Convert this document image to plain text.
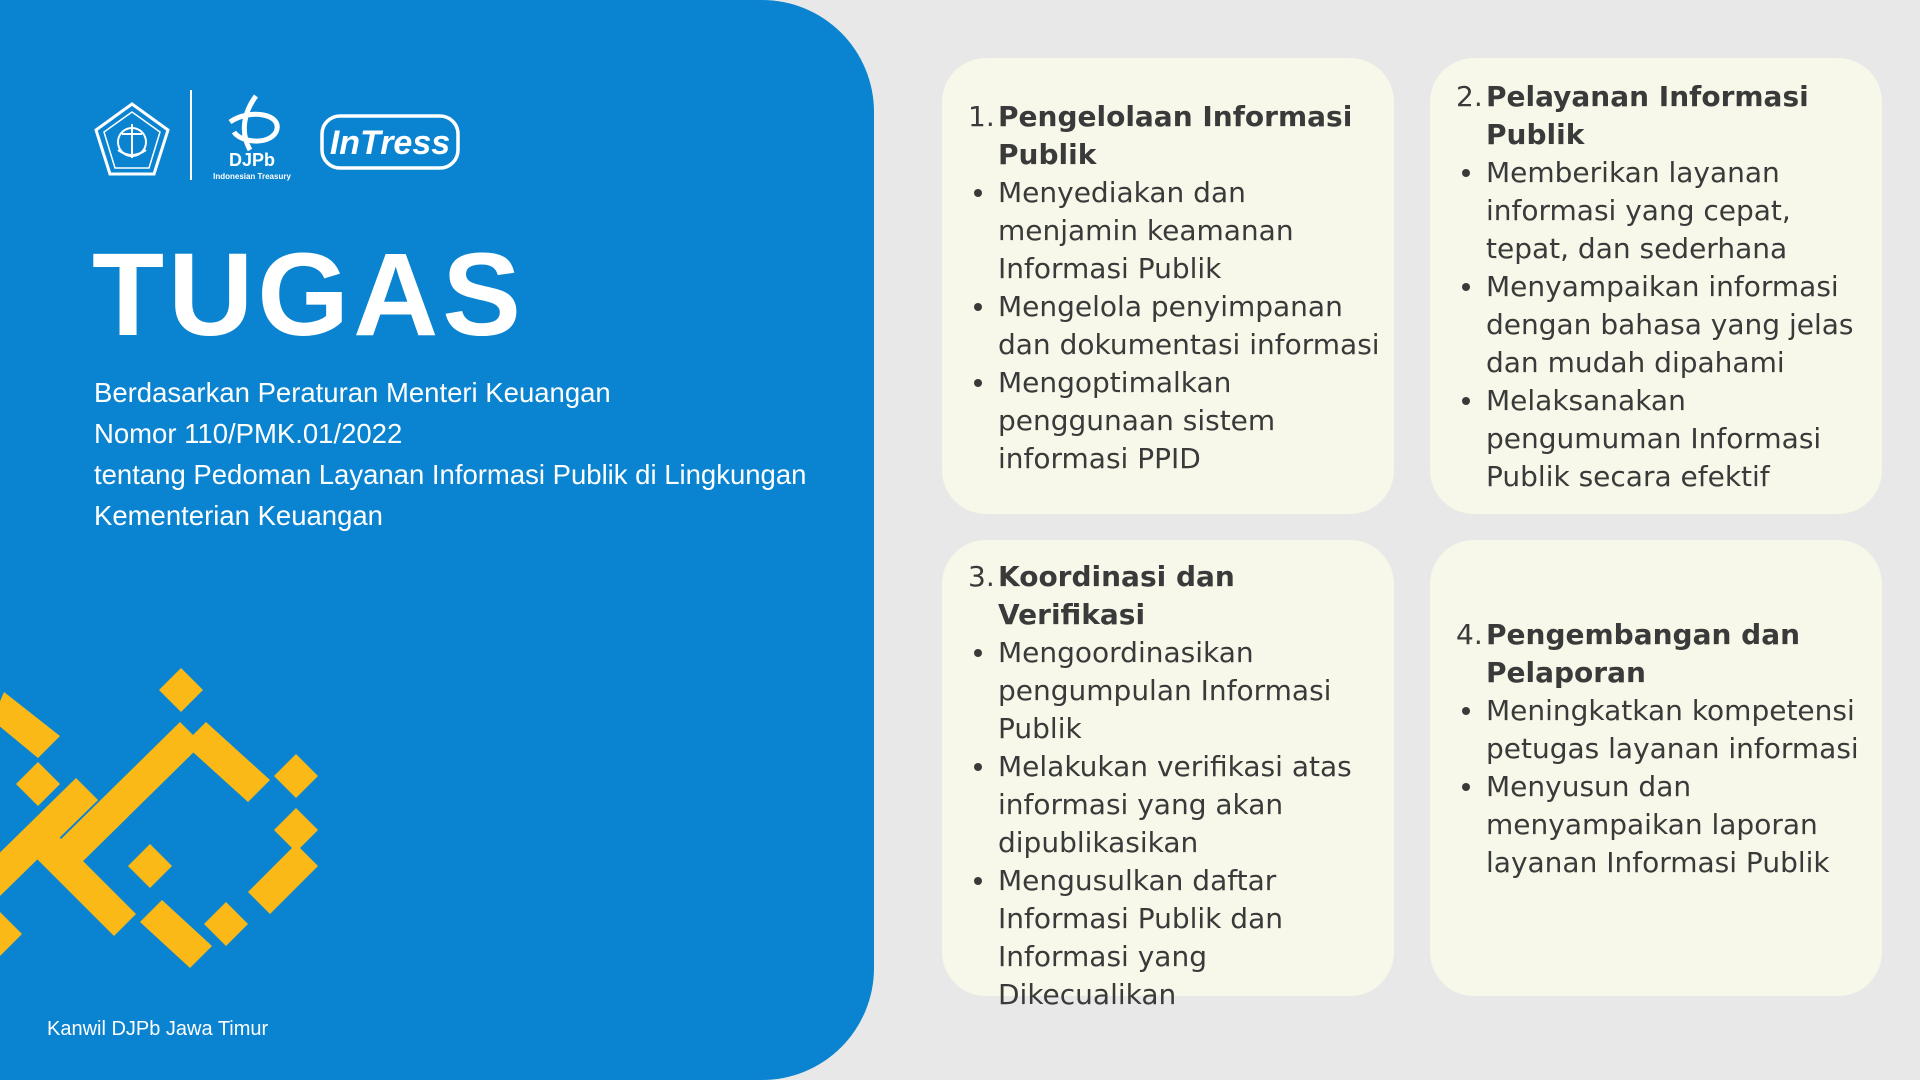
DJPb
Indonesian Treasury
InTress
TUGAS
Berdasarkan Peraturan Menteri Keuangan
Nomor 110/PMK.01/2022
tentang Pedoman Layanan Informasi Publik di Lingkungan
Kementerian Keuangan
Kanwil DJPb Jawa Timur
1. Pengelolaan Informasi Publik
Menyediakan dan menjamin keamanan Informasi Publik
Mengelola penyimpanan dan dokumentasi informasi
Mengoptimalkan penggunaan sistem informasi PPID
2. Pelayanan Informasi Publik
Memberikan layanan informasi yang cepat, tepat, dan sederhana
Menyampaikan informasi dengan bahasa yang jelas dan mudah dipahami
Melaksanakan pengumuman Informasi Publik secara efektif
3. Koordinasi dan Verifikasi
Mengoordinasikan pengumpulan Informasi Publik
Melakukan verifikasi atas informasi yang akan dipublikasikan
Mengusulkan daftar Informasi Publik dan Informasi yang Dikecualikan
4. Pengembangan dan Pelaporan
Meningkatkan kompetensi petugas layanan informasi
Menyusun dan menyampaikan laporan layanan Informasi Publik
